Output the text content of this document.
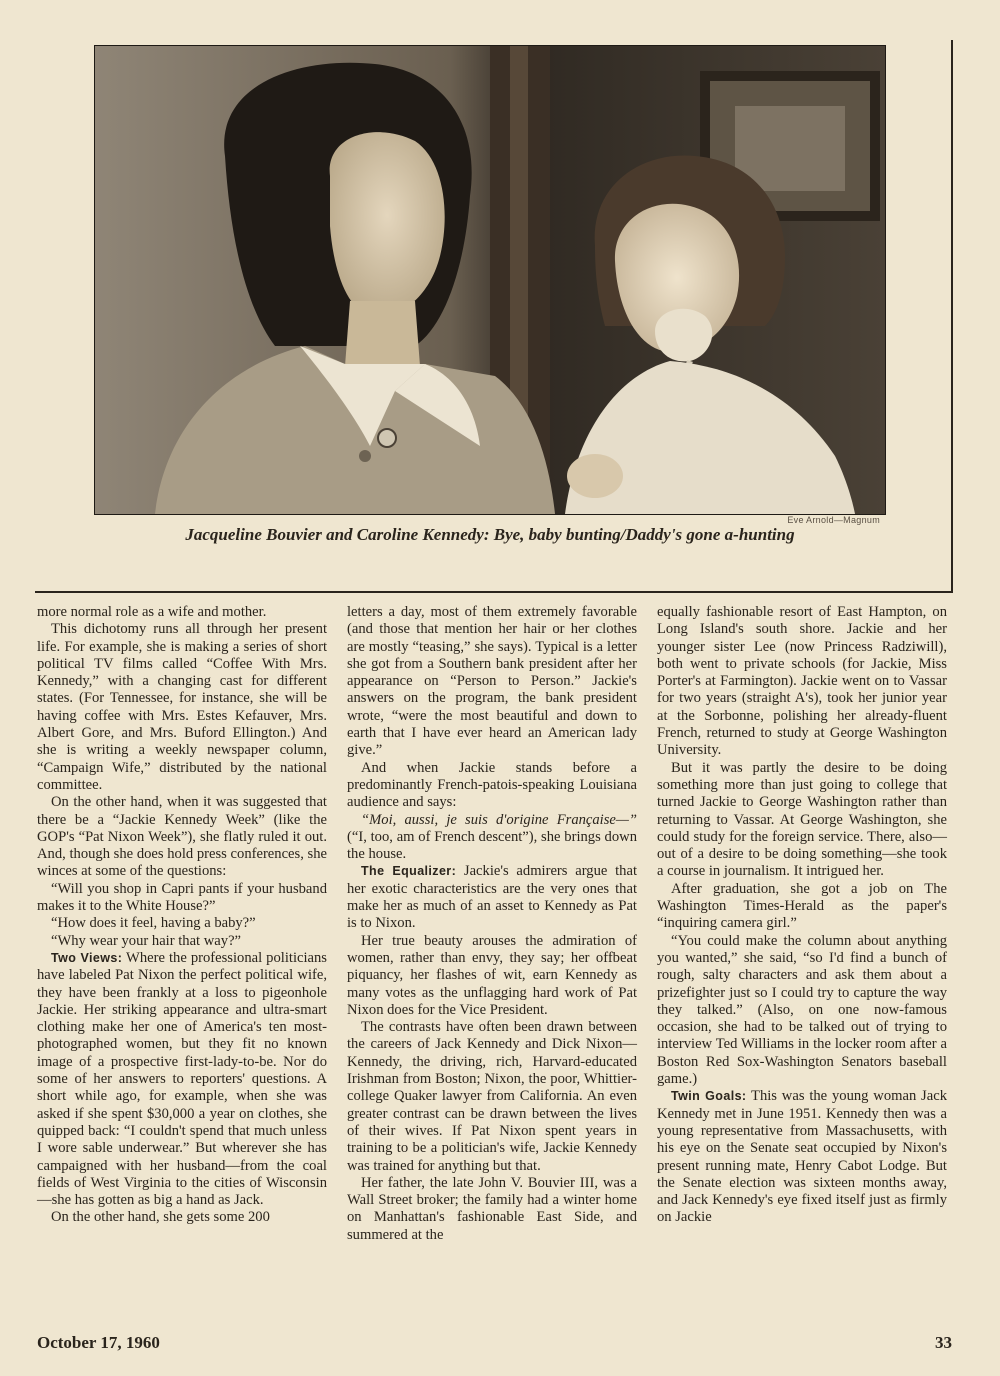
Eve Arnold—Magnum
Jacqueline Bouvier and Caroline Kennedy: Bye, baby bunting/Daddy's gone a-hunting

more normal role as a wife and mother.

This dichotomy runs all through her present life. For example, she is making a series of short political TV films called “Coffee With Mrs. Kennedy,” with a changing cast for different states. (For Tennessee, for instance, she will be having coffee with Mrs. Estes Kefauver, Mrs. Albert Gore, and Mrs. Buford Ellington.) And she is writing a weekly newspaper column, “Campaign Wife,” distributed by the national committee.

On the other hand, when it was suggested that there be a “Jackie Kennedy Week” (like the GOP's “Pat Nixon Week”), she flatly ruled it out. And, though she does hold press conferences, she winces at some of the questions:

“Will you shop in Capri pants if your husband makes it to the White House?”

“How does it feel, having a baby?”

“Why wear your hair that way?”

Two Views: Where the professional politicians have labeled Pat Nixon the perfect political wife, they have been frankly at a loss to pigeonhole Jackie. Her striking appearance and ultra-smart clothing make her one of America's ten most-photographed women, but they fit no known image of a prospective first-lady-to-be. Nor do some of her answers to reporters' questions. A short while ago, for example, when she was asked if she spent $30,000 a year on clothes, she quipped back: “I couldn't spend that much unless I wore sable underwear.” But wherever she has campaigned with her husband—from the coal fields of West Virginia to the cities of Wisconsin—she has gotten as big a hand as Jack.

On the other hand, she gets some 200

letters a day, most of them extremely favorable (and those that mention her hair or her clothes are mostly “teasing,” she says). Typical is a letter she got from a Southern bank president after her appearance on “Person to Person.” Jackie's answers on the program, the bank president wrote, “were the most beautiful and down to earth that I have ever heard an American lady give.”

And when Jackie stands before a predominantly French-patois-speaking Louisiana audience and says:

“Moi, aussi, je suis d'origine Française—” (“I, too, am of French descent”), she brings down the house.

The Equalizer: Jackie's admirers argue that her exotic characteristics are the very ones that make her as much of an asset to Kennedy as Pat is to Nixon.

Her true beauty arouses the admiration of women, rather than envy, they say; her offbeat piquancy, her flashes of wit, earn Kennedy as many votes as the unflagging hard work of Pat Nixon does for the Vice President.

The contrasts have often been drawn between the careers of Jack Kennedy and Dick Nixon—Kennedy, the driving, rich, Harvard-educated Irishman from Boston; Nixon, the poor, Whittier-college Quaker lawyer from California. An even greater contrast can be drawn between the lives of their wives. If Pat Nixon spent years in training to be a politician's wife, Jackie Kennedy was trained for anything but that.

Her father, the late John V. Bouvier III, was a Wall Street broker; the family had a winter home on Manhattan's fashionable East Side, and summered at the

equally fashionable resort of East Hampton, on Long Island's south shore. Jackie and her younger sister Lee (now Princess Radziwill), both went to private schools (for Jackie, Miss Porter's at Farmington). Jackie went on to Vassar for two years (straight A's), took her junior year at the Sorbonne, polishing her already-fluent French, returned to study at George Washington University.

But it was partly the desire to be doing something more than just going to college that turned Jackie to George Washington rather than returning to Vassar. At George Washington, she could study for the foreign service. There, also—out of a desire to be doing something—she took a course in journalism. It intrigued her.

After graduation, she got a job on The Washington Times-Herald as the paper's “inquiring camera girl.”

“You could make the column about anything you wanted,” she said, “so I'd find a bunch of rough, salty characters and ask them about a prizefighter just so I could try to capture the way they talked.” (Also, on one now-famous occasion, she had to be talked out of trying to interview Ted Williams in the locker room after a Boston Red Sox-Washington Senators baseball game.)

Twin Goals: This was the young woman Jack Kennedy met in June 1951. Kennedy then was a young representative from Massachusetts, with his eye on the Senate seat occupied by Nixon's present running mate, Henry Cabot Lodge. But the Senate election was sixteen months away, and Jack Kennedy's eye fixed itself just as firmly on Jackie

October 17, 1960	33
